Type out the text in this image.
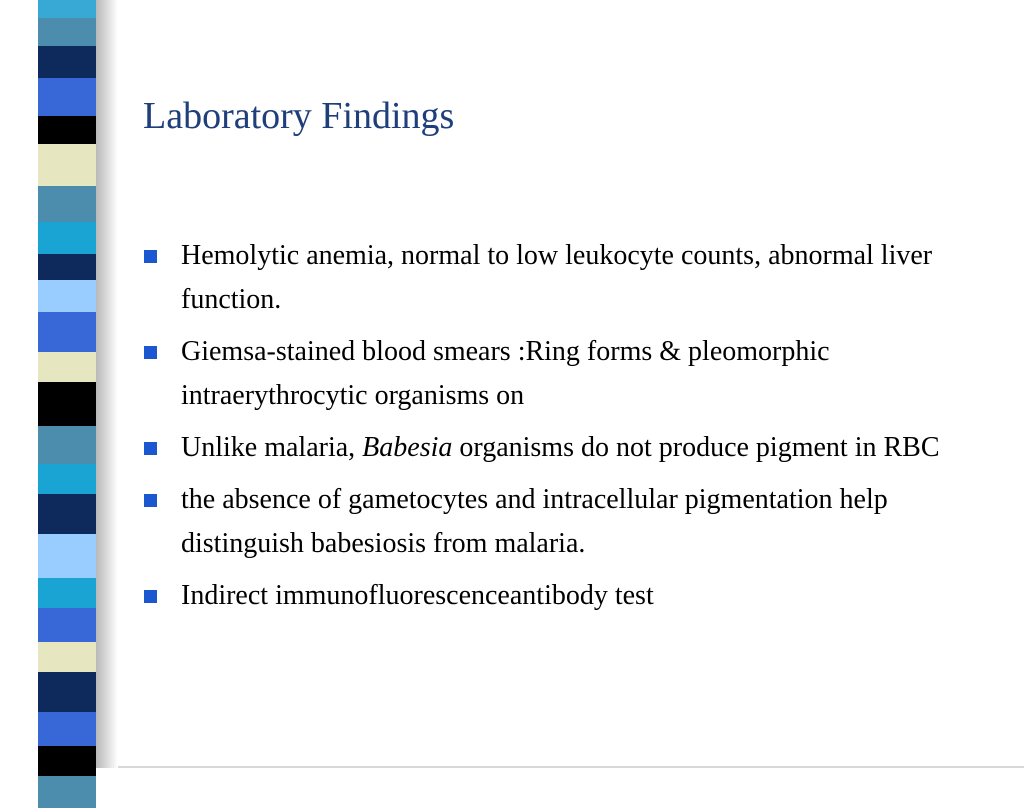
Laboratory Findings
Hemolytic anemia, normal to low leukocyte counts, abnormal liver function.
Giemsa-stained blood smears :Ring forms & pleomorphic intraerythrocytic organisms on
Unlike malaria, Babesia organisms do not produce pigment in RBC
the absence of gametocytes and intracellular pigmentation help distinguish babesiosis from malaria.
Indirect immunofluorescenceantibody test
